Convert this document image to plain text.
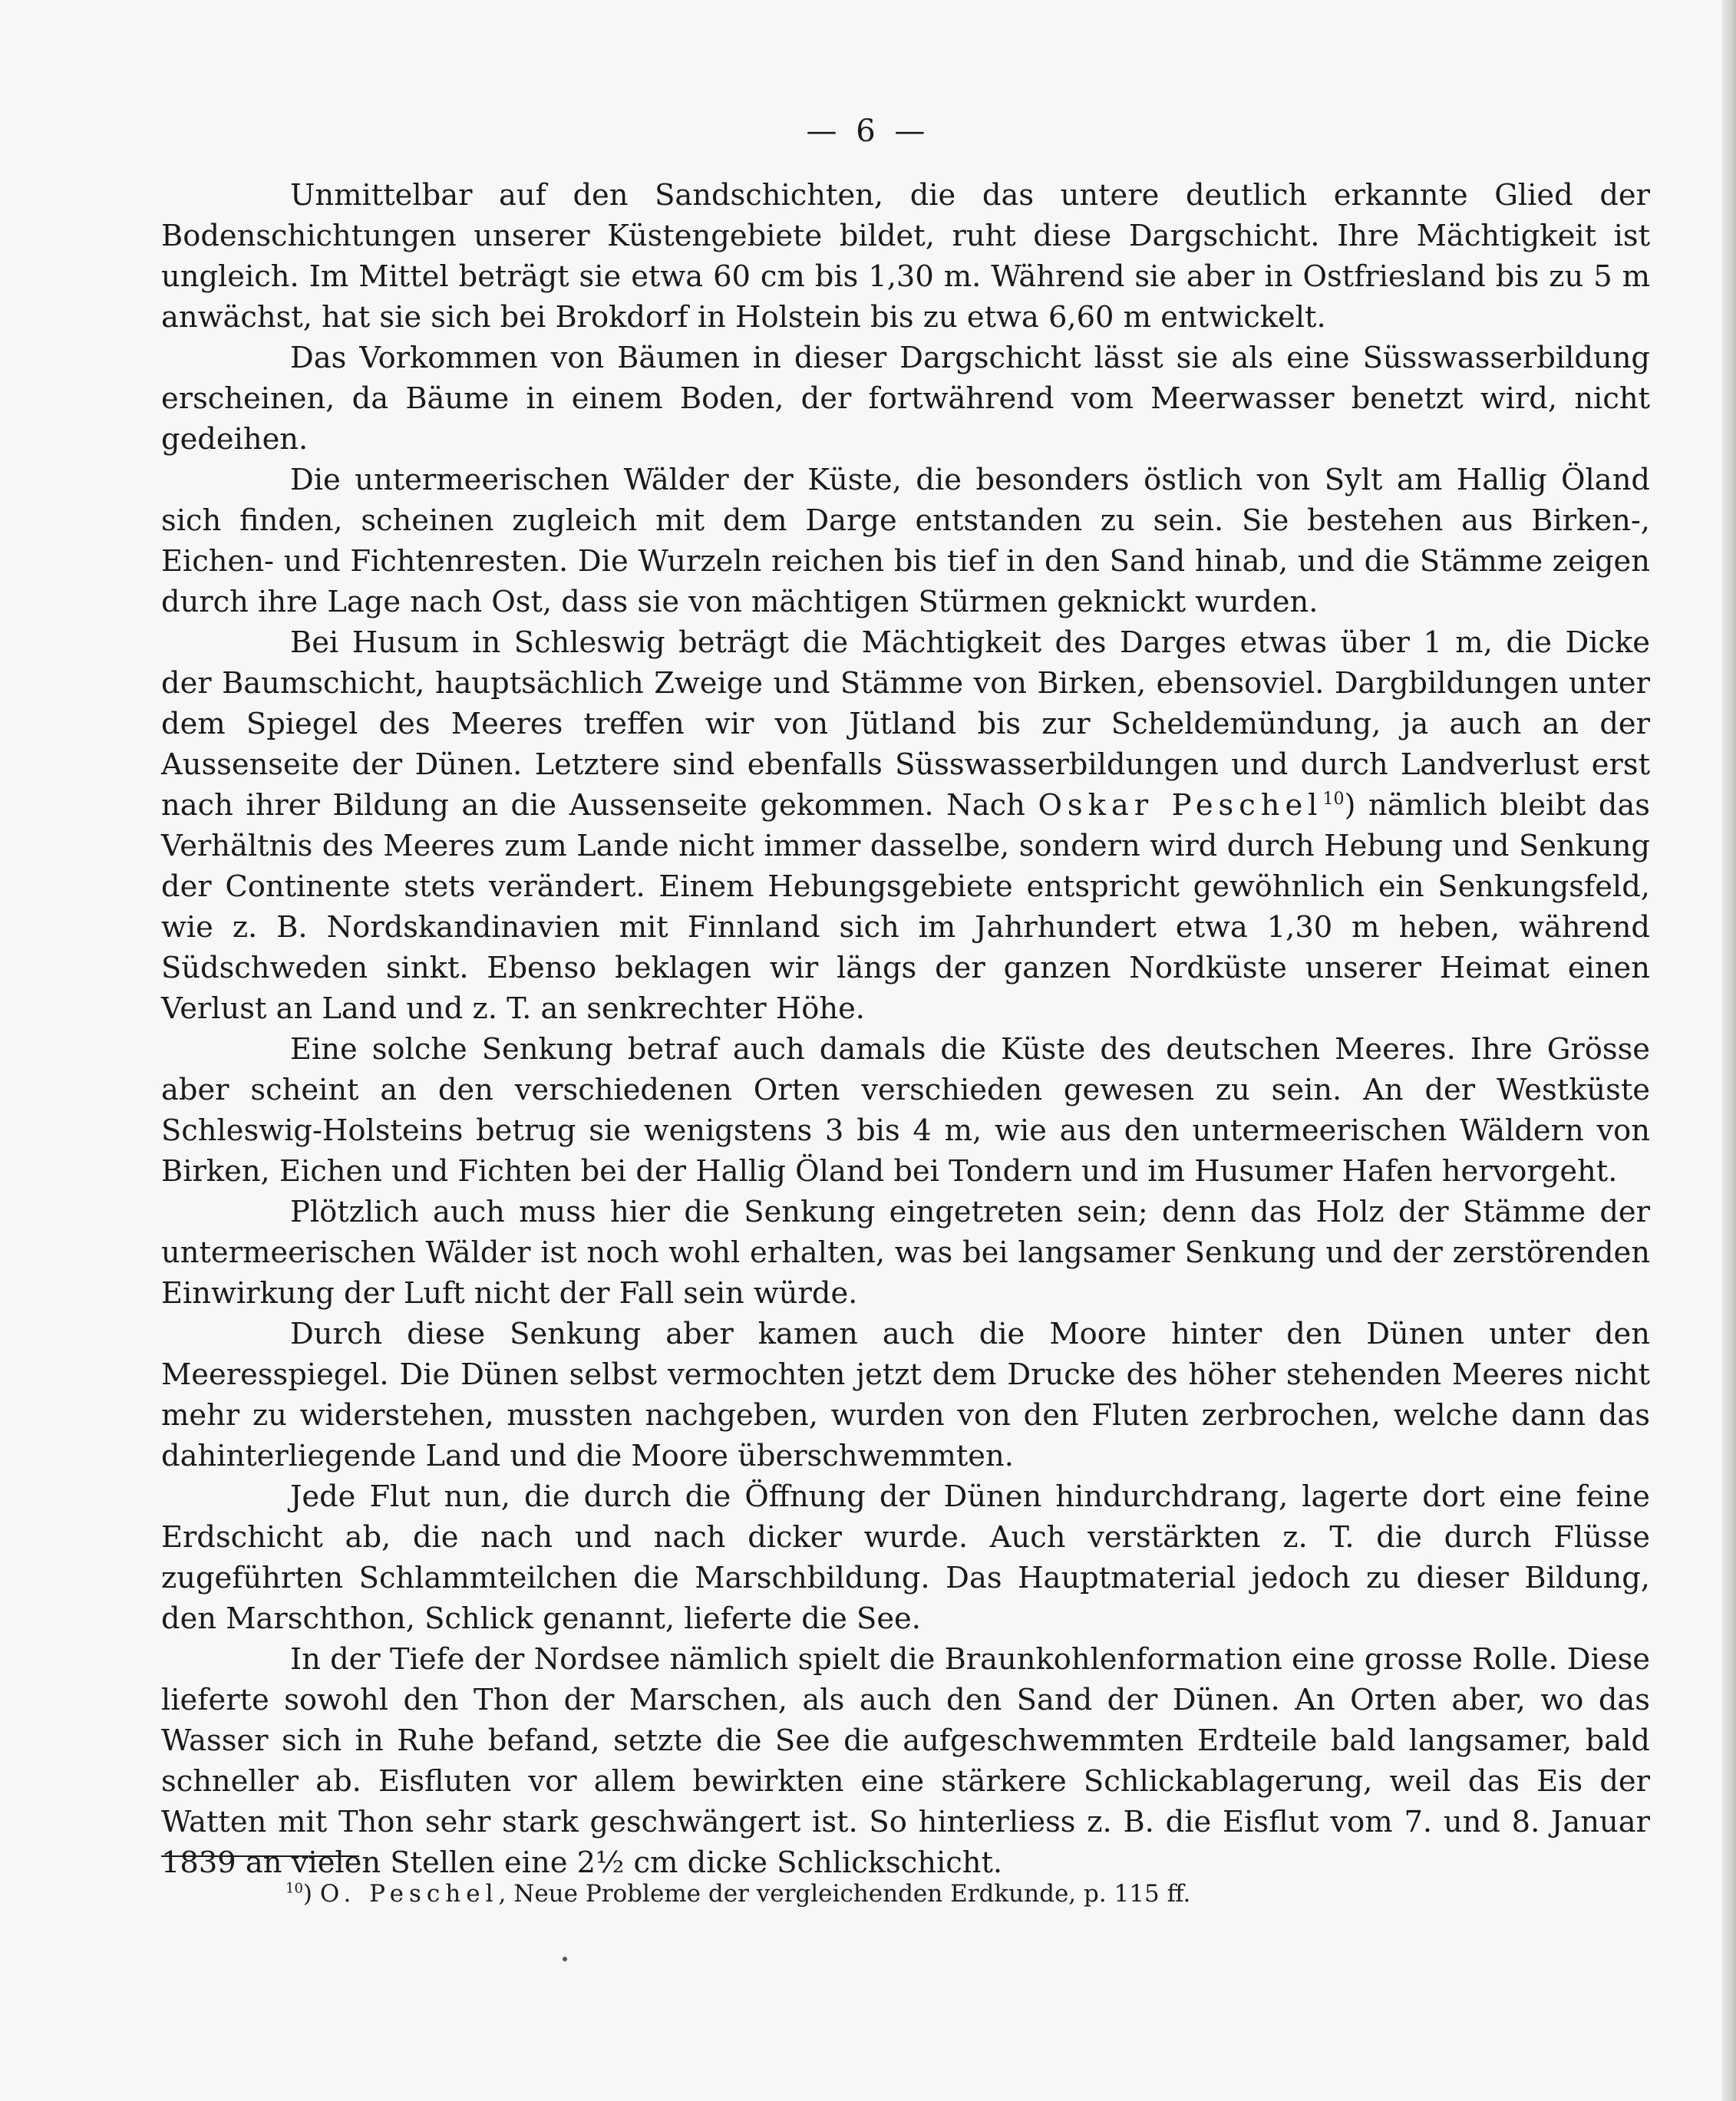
— 6 —

Unmittelbar auf den Sandschichten, die das untere deutlich erkannte Glied der Bodenschichtungen unserer Küstengebiete bildet, ruht diese Dargschicht. Ihre Mächtigkeit ist ungleich. Im Mittel beträgt sie etwa 60 cm bis 1,30 m. Während sie aber in Ostfriesland bis zu 5 m anwächst, hat sie sich bei Brokdorf in Holstein bis zu etwa 6,60 m entwickelt.

Das Vorkommen von Bäumen in dieser Dargschicht lässt sie als eine Süsswasserbildung erscheinen, da Bäume in einem Boden, der fortwährend vom Meerwasser benetzt wird, nicht gedeihen.

Die untermeerischen Wälder der Küste, die besonders östlich von Sylt am Hallig Öland sich finden, scheinen zugleich mit dem Darge entstanden zu sein. Sie bestehen aus Birken-, Eichen- und Fichtenresten. Die Wurzeln reichen bis tief in den Sand hinab, und die Stämme zeigen durch ihre Lage nach Ost, dass sie von mächtigen Stürmen geknickt wurden.

Bei Husum in Schleswig beträgt die Mächtigkeit des Darges etwas über 1 m, die Dicke der Baumschicht, hauptsächlich Zweige und Stämme von Birken, ebensoviel. Dargbildungen unter dem Spiegel des Meeres treffen wir von Jütland bis zur Scheldemündung, ja auch an der Aussenseite der Dünen. Letztere sind ebenfalls Süsswasserbildungen und durch Landverlust erst nach ihrer Bildung an die Aussenseite gekommen. Nach Oskar Peschel$^{10}$) nämlich bleibt das Verhältnis des Meeres zum Lande nicht immer dasselbe, sondern wird durch Hebung und Senkung der Continente stets verändert. Einem Hebungsgebiete entspricht gewöhnlich ein Senkungsfeld, wie z. B. Nordskandinavien mit Finnland sich im Jahrhundert etwa 1,30 m heben, während Südschweden sinkt. Ebenso beklagen wir längs der ganzen Nordküste unserer Heimat einen Verlust an Land und z. T. an senkrechter Höhe.

Eine solche Senkung betraf auch damals die Küste des deutschen Meeres. Ihre Grösse aber scheint an den verschiedenen Orten verschieden gewesen zu sein. An der Westküste Schleswig-Holsteins betrug sie wenigstens 3 bis 4 m, wie aus den untermeerischen Wäldern von Birken, Eichen und Fichten bei der Hallig Öland bei Tondern und im Husumer Hafen hervorgeht.

Plötzlich auch muss hier die Senkung eingetreten sein; denn das Holz der Stämme der untermeerischen Wälder ist noch wohl erhalten, was bei langsamer Senkung und der zerstörenden Einwirkung der Luft nicht der Fall sein würde.

Durch diese Senkung aber kamen auch die Moore hinter den Dünen unter den Meeresspiegel. Die Dünen selbst vermochten jetzt dem Drucke des höher stehenden Meeres nicht mehr zu widerstehen, mussten nachgeben, wurden von den Fluten zerbrochen, welche dann das dahinterliegende Land und die Moore überschwemmten.

Jede Flut nun, die durch die Öffnung der Dünen hindurchdrang, lagerte dort eine feine Erdschicht ab, die nach und nach dicker wurde. Auch verstärkten z. T. die durch Flüsse zugeführten Schlammteilchen die Marschbildung. Das Hauptmaterial jedoch zu dieser Bildung, den Marschthon, Schlick genannt, lieferte die See.

In der Tiefe der Nordsee nämlich spielt die Braunkohlenformation eine grosse Rolle. Diese lieferte sowohl den Thon der Marschen, als auch den Sand der Dünen. An Orten aber, wo das Wasser sich in Ruhe befand, setzte die See die aufgeschwemmten Erdteile bald langsamer, bald schneller ab. Eisfluten vor allem bewirkten eine stärkere Schlickablagerung, weil das Eis der Watten mit Thon sehr stark geschwängert ist. So hinterliess z. B. die Eisflut vom 7. und 8. Januar 1839 an vielen Stellen eine 2½ cm dicke Schlickschicht.

$^{10}$) O. Peschel, Neue Probleme der vergleichenden Erdkunde, p. 115 ff.
